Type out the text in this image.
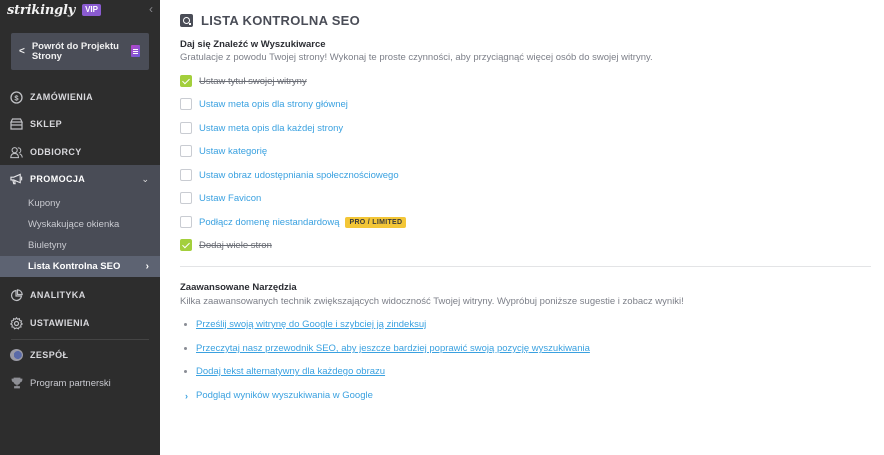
strikingly	VIP	‹
< Powrót do Projektu Strony
$ ZAMÓWIENIA
SKLEP
ODBIORCY
PROMOCJA	⌄
Kupony
Wyskakujące okienka
Biuletyny
Lista Kontrolna SEO	›
ANALITYKA
USTAWIENIA
ZESPÓŁ
Program partnerski
LISTA KONTROLNA SEO
Daj się Znaleźć w Wyszukiwarce
Gratulacje z powodu Twojej strony! Wykonaj te proste czynności, aby przyciągnąć więcej osób do swojej witryny.
Ustaw tytuł swojej witryny
Ustaw meta opis dla strony głównej
Ustaw meta opis dla każdej strony
Ustaw kategorię
Ustaw obraz udostępniania społecznościowego
Ustaw Favicon
Podłącz domenę niestandardową	PRO / LIMITED
Dodaj wiele stron
Zaawansowane Narzędzia
Kilka zaawansowanych technik zwiększających widoczność Twojej witryny. Wypróbuj poniższe sugestie i zobacz wyniki!
Prześlij swoją witrynę do Google i szybciej ją zindeksuj
Przeczytaj nasz przewodnik SEO, aby jeszcze bardziej poprawić swoją pozycję wyszukiwania
Dodaj tekst alternatywny dla każdego obrazu
› Podgląd wyników wyszukiwania w Google
